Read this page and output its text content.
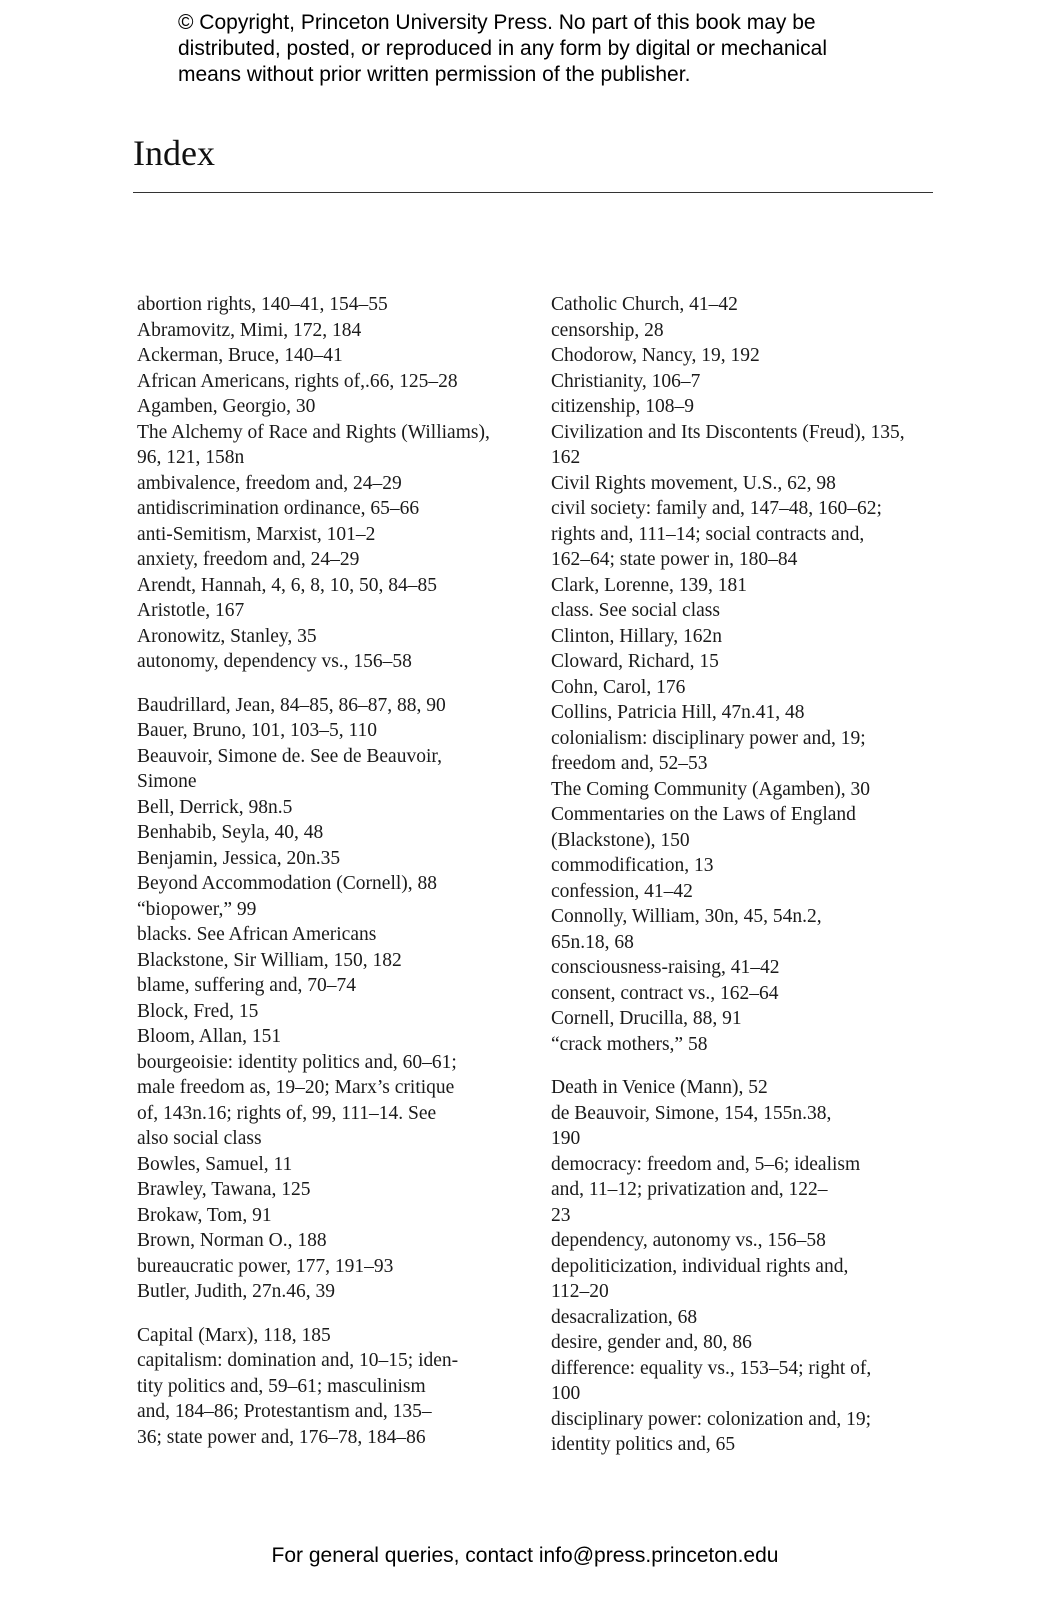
© Copyright, Princeton University Press. No part of this book may be
distributed, posted, or reproduced in any form by digital or mechanical
means without prior written permission of the publisher.
Index
abortion rights, 140–41, 154–55
Abramovitz, Mimi, 172, 184
Ackerman, Bruce, 140–41
African Americans, rights of,.66, 125–28
Agamben, Georgio, 30
The Alchemy of Race and Rights (Williams),
96, 121, 158n
ambivalence, freedom and, 24–29
antidiscrimination ordinance, 65–66
anti-Semitism, Marxist, 101–2
anxiety, freedom and, 24–29
Arendt, Hannah, 4, 6, 8, 10, 50, 84–85
Aristotle, 167
Aronowitz, Stanley, 35
autonomy, dependency vs., 156–58
Baudrillard, Jean, 84–85, 86–87, 88, 90
Bauer, Bruno, 101, 103–5, 110
Beauvoir, Simone de. See de Beauvoir,
Simone
Bell, Derrick, 98n.5
Benhabib, Seyla, 40, 48
Benjamin, Jessica, 20n.35
Beyond Accommodation (Cornell), 88
“biopower,” 99
blacks. See African Americans
Blackstone, Sir William, 150, 182
blame, suffering and, 70–74
Block, Fred, 15
Bloom, Allan, 151
bourgeoisie: identity politics and, 60–61;
male freedom as, 19–20; Marx’s critique
of, 143n.16; rights of, 99, 111–14. See
also social class
Bowles, Samuel, 11
Brawley, Tawana, 125
Brokaw, Tom, 91
Brown, Norman O., 188
bureaucratic power, 177, 191–93
Butler, Judith, 27n.46, 39
Capital (Marx), 118, 185
capitalism: domination and, 10–15; iden-
tity politics and, 59–61; masculinism
and, 184–86; Protestantism and, 135–
36; state power and, 176–78, 184–86
Catholic Church, 41–42
censorship, 28
Chodorow, Nancy, 19, 192
Christianity, 106–7
citizenship, 108–9
Civilization and Its Discontents (Freud), 135,
162
Civil Rights movement, U.S., 62, 98
civil society: family and, 147–48, 160–62;
rights and, 111–14; social contracts and,
162–64; state power in, 180–84
Clark, Lorenne, 139, 181
class. See social class
Clinton, Hillary, 162n
Cloward, Richard, 15
Cohn, Carol, 176
Collins, Patricia Hill, 47n.41, 48
colonialism: disciplinary power and, 19;
freedom and, 52–53
The Coming Community (Agamben), 30
Commentaries on the Laws of England
(Blackstone), 150
commodification, 13
confession, 41–42
Connolly, William, 30n, 45, 54n.2,
65n.18, 68
consciousness-raising, 41–42
consent, contract vs., 162–64
Cornell, Drucilla, 88, 91
“crack mothers,” 58
Death in Venice (Mann), 52
de Beauvoir, Simone, 154, 155n.38,
190
democracy: freedom and, 5–6; idealism
and, 11–12; privatization and, 122–
23
dependency, autonomy vs., 156–58
depoliticization, individual rights and,
112–20
desacralization, 68
desire, gender and, 80, 86
difference: equality vs., 153–54; right of,
100
disciplinary power: colonization and, 19;
identity politics and, 65
For general queries, contact info@press.princeton.edu
